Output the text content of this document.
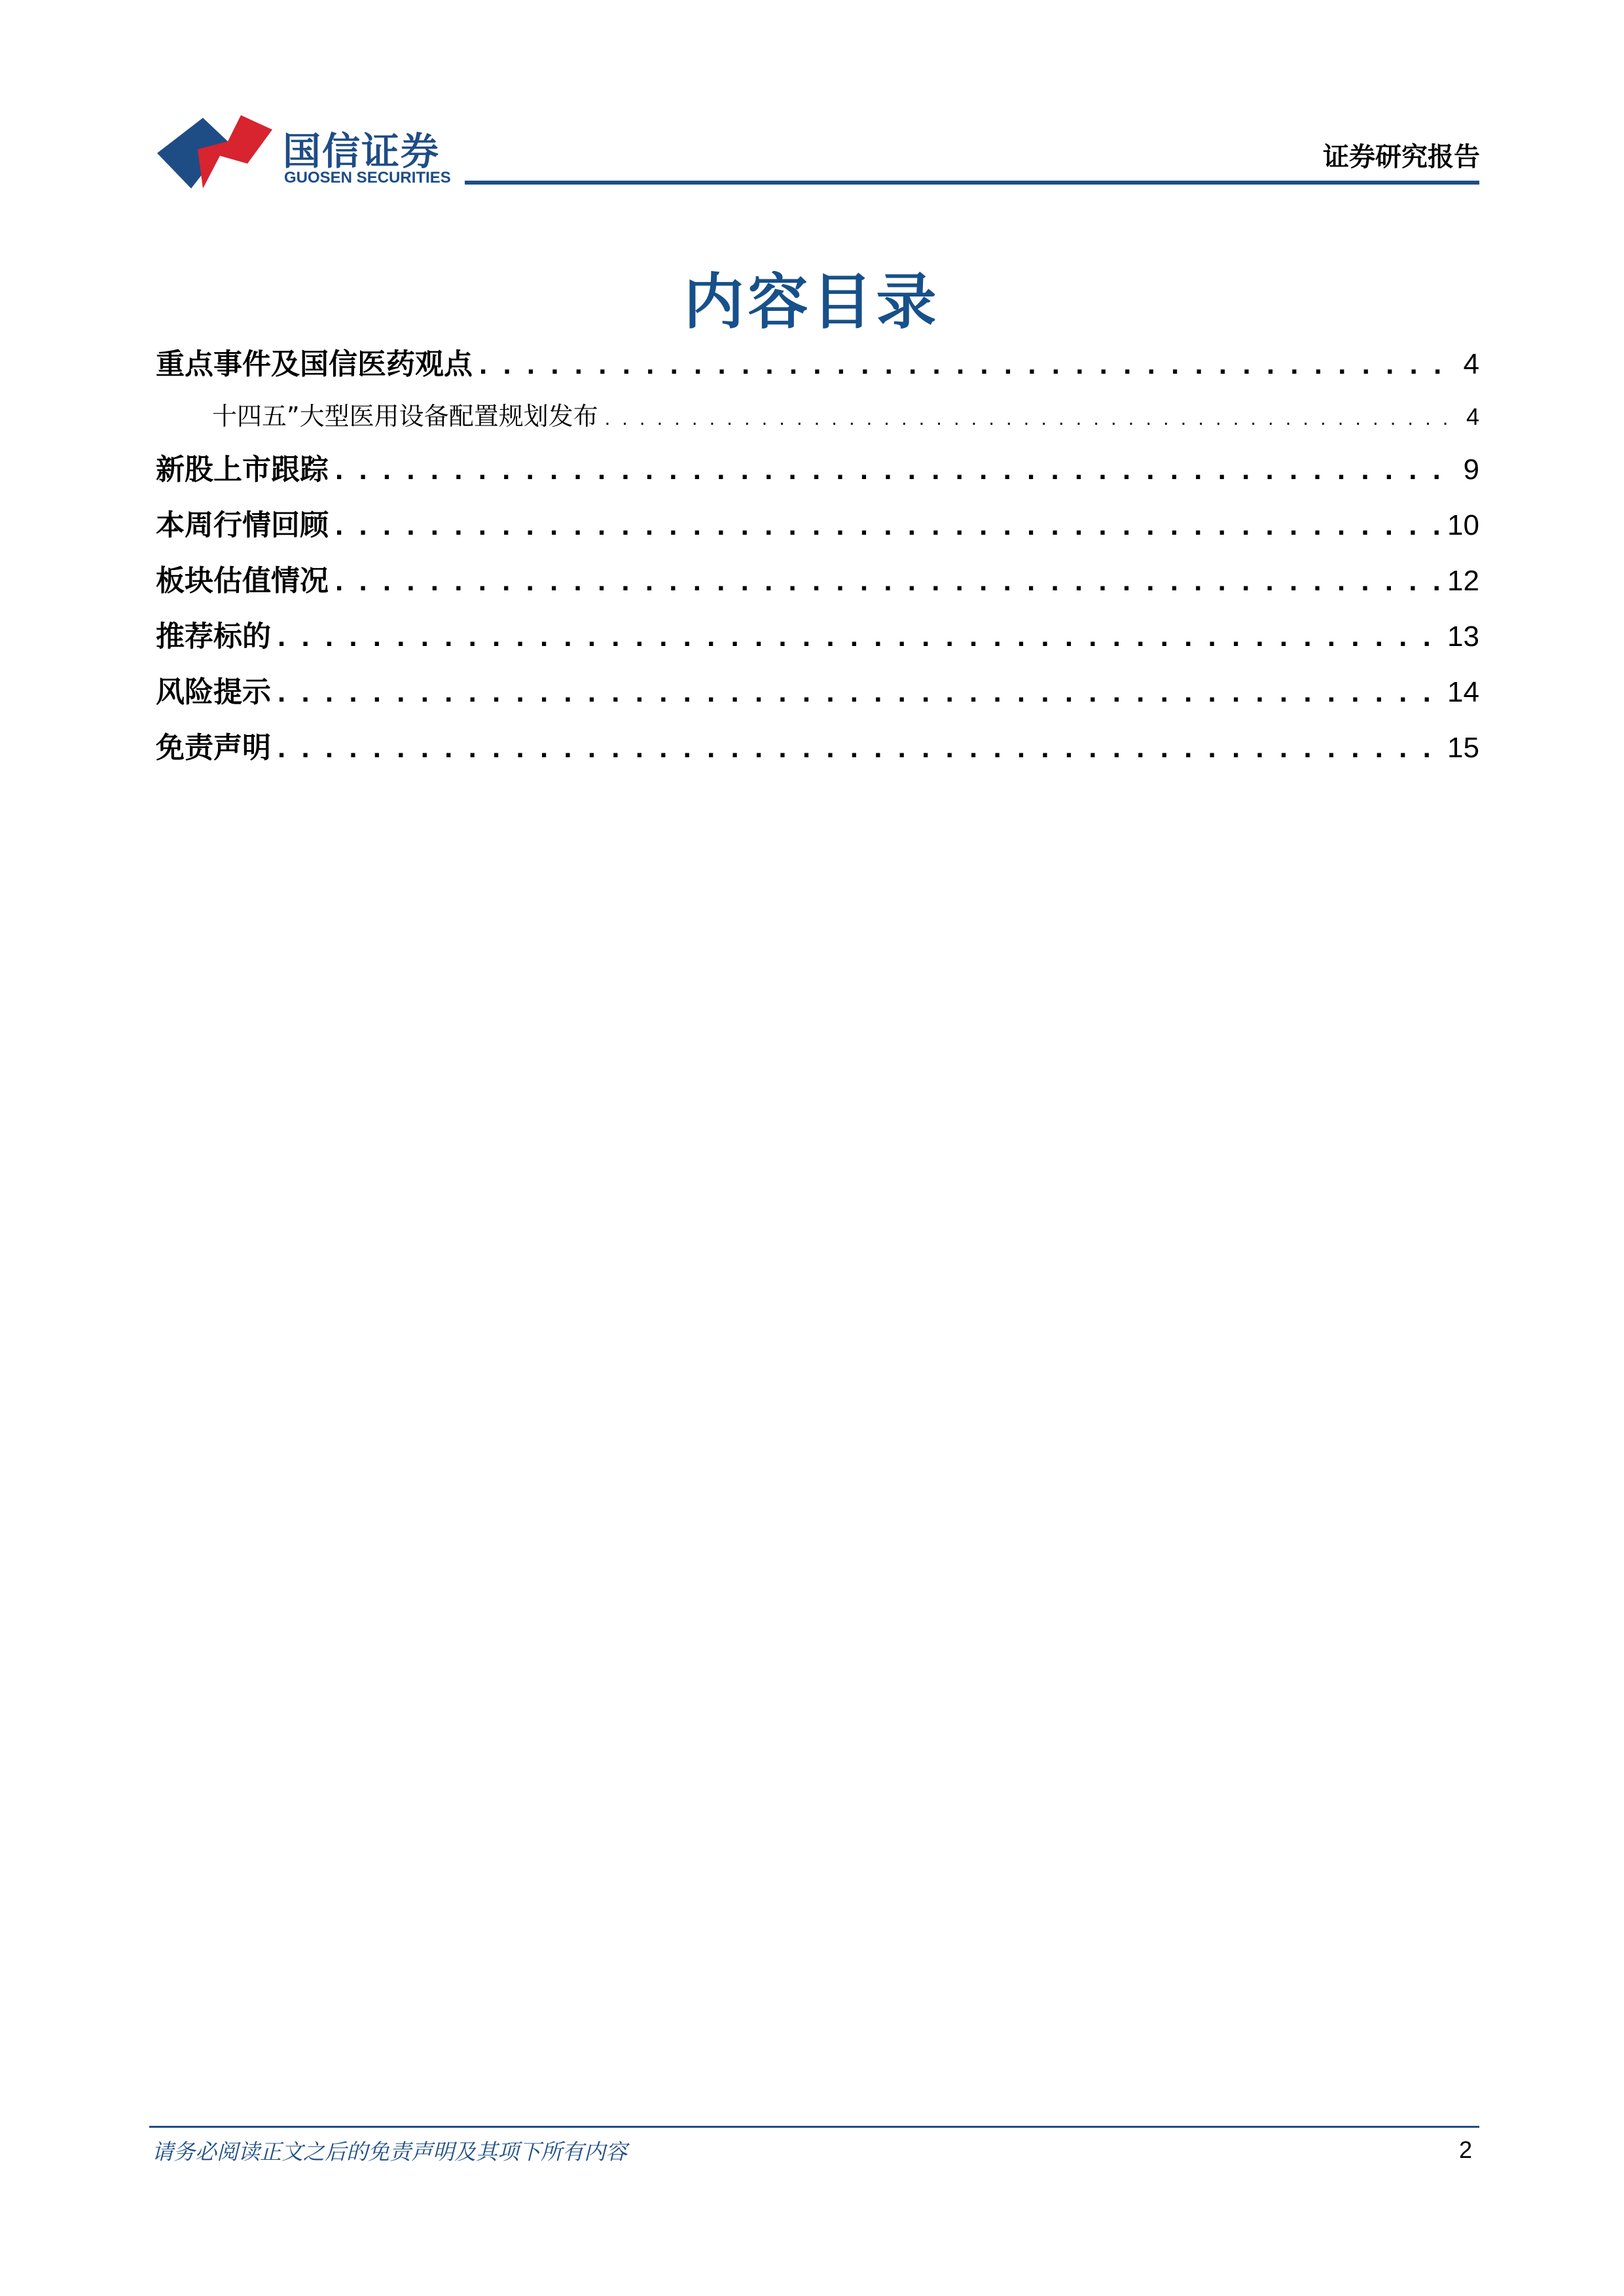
国信证券
GUOSEN SECURITIES
证券研究报告
内容目录
重点事件及国信医药观点 . . .	4
十四五”大型医用设备配置规划发布 . . .	4
新股上市跟踪 . . .	9
本周行情回顾 . . .	10
板块估值情况 . . .	12
推荐标的 . . .	13
风险提示 . . .	14
免责声明 . . .	15
请务必阅读正文之后的免责声明及其项下所有内容	2
